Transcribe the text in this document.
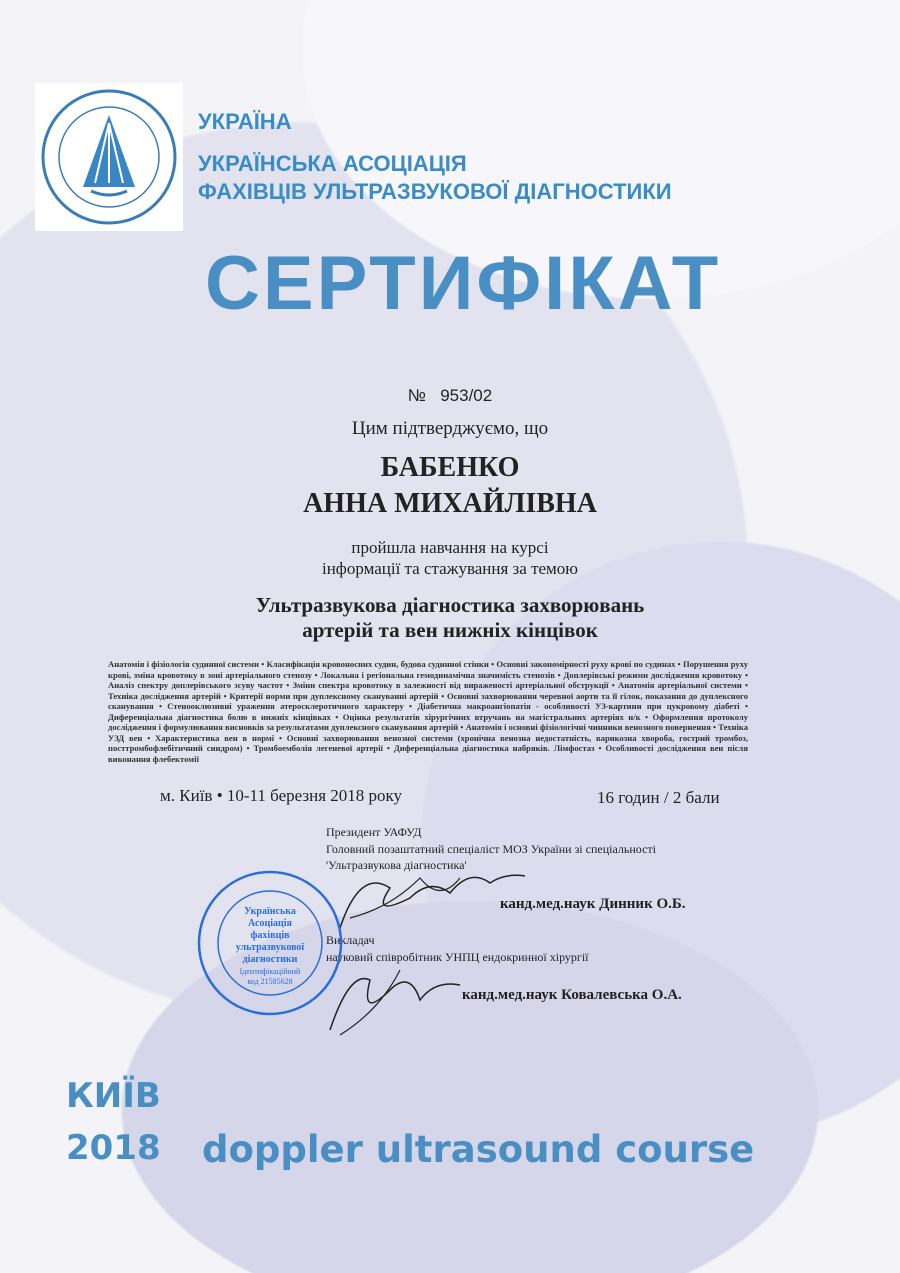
УКРАЇНА
УКРАЇНСЬКА АСОЦІАЦІЯ
ФАХІВЦІВ УЛЬТРАЗВУКОВОЇ ДІАГНОСТИКИ
СЕРТИФІКАТ
№ 953/02
Цим підтверджуємо, що
БАБЕНКО
АННА МИХАЙЛІВНА
пройшла навчання на курсі
інформації та стажування за темою
Ультразвукова діагностика захворювань
артерій та вен нижніх кінцівок
Анатомія і фізіологія судинної системи • Класифікація кровоносних судин, будова судинної стінки • Основні закономірності руху крові по судинах • Порушення руху крові, зміна кровотоку в зоні артеріального стенозу • Локальна і регіональна гемодинамічна значимість стенозів • Доплерівські режими дослідження кровотоку • Аналіз спектру доплерівського зсуву частот • Зміни спектра кровотоку в залежності від вираженості артеріальної обструкції • Анатомія артеріальної системи • Техніка дослідження артерій • Критерії норми при дуплексному скануванні артерій • Основні захворювання черевної аорти та її гілок, показання до дуплексного сканування • Стенооклюзивні ураження атеросклеротичного характеру • Діабетична макроангіопатія - особливості УЗ-картини при цукровому діабеті • Диференціальна діагностика болю в нижніх кінцівках • Оцінка результатів хірургічних втручань на магістральних артеріях н/к • Оформлення протоколу дослідження і формулювання висновків за результатами дуплексного сканування артерій • Анатомія і основні фізіологічні чинники венозного повернення • Техніка УЗД вен • Характеристика вен в нормі • Основні захворювання венозної системи (хронічна венозна недостатність, варикозна хвороба, гострий тромбоз, посттромбофлебітичний синдром) • Тромбоемболія легеневої артерії • Диференціальна діагностика набряків. Лімфостаз • Особливості дослідження вен після виконання флебектомії
м. Київ • 10-11 березня 2018 року	16 годин / 2 бали
Президент УАФУД
Головний позаштатний спеціаліст МОЗ України зі спеціальності
'Ультразвукова діагностика'
канд.мед.наук Динник О.Б.
Викладач
науковий співробітник УНПЦ ендокринної хірургії
канд.мед.наук Ковалевська О.А.
Українська
Асоціація
фахівців
ультразвукової
діагностики
Ідентифікаційний
код 21585628
КИЇВ
2018 doppler ultrasound course
